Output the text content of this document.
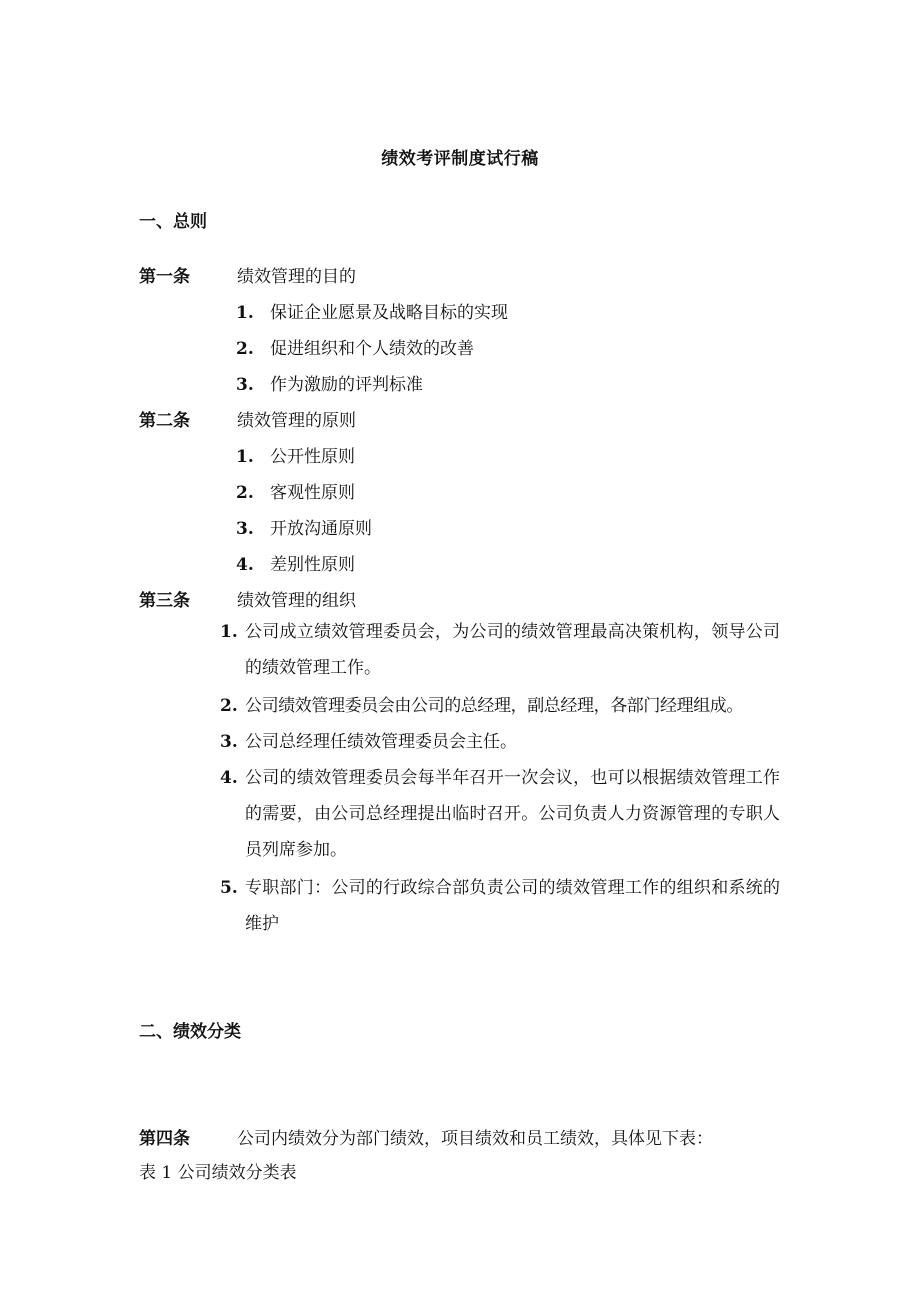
绩效考评制度试行稿
一、总则
第一条	绩效管理的目的
1. 保证企业愿景及战略目标的实现
2. 促进组织和个人绩效的改善
3. 作为激励的评判标准
第二条	绩效管理的原则
1. 公开性原则
2. 客观性原则
3. 开放沟通原则
4. 差别性原则
第三条	绩效管理的组织
1. 公司成立绩效管理委员会，为公司的绩效管理最高决策机构，领导公司的绩效管理工作。
2. 公司绩效管理委员会由公司的总经理，副总经理，各部门经理组成。
3. 公司总经理任绩效管理委员会主任。
4. 公司的绩效管理委员会每半年召开一次会议，也可以根据绩效管理工作的需要，由公司总经理提出临时召开。公司负责人力资源管理的专职人员列席参加。
5. 专职部门：公司的行政综合部负责公司的绩效管理工作的组织和系统的维护
二、绩效分类
第四条	公司内绩效分为部门绩效，项目绩效和员工绩效，具体见下表：
表 1 公司绩效分类表
